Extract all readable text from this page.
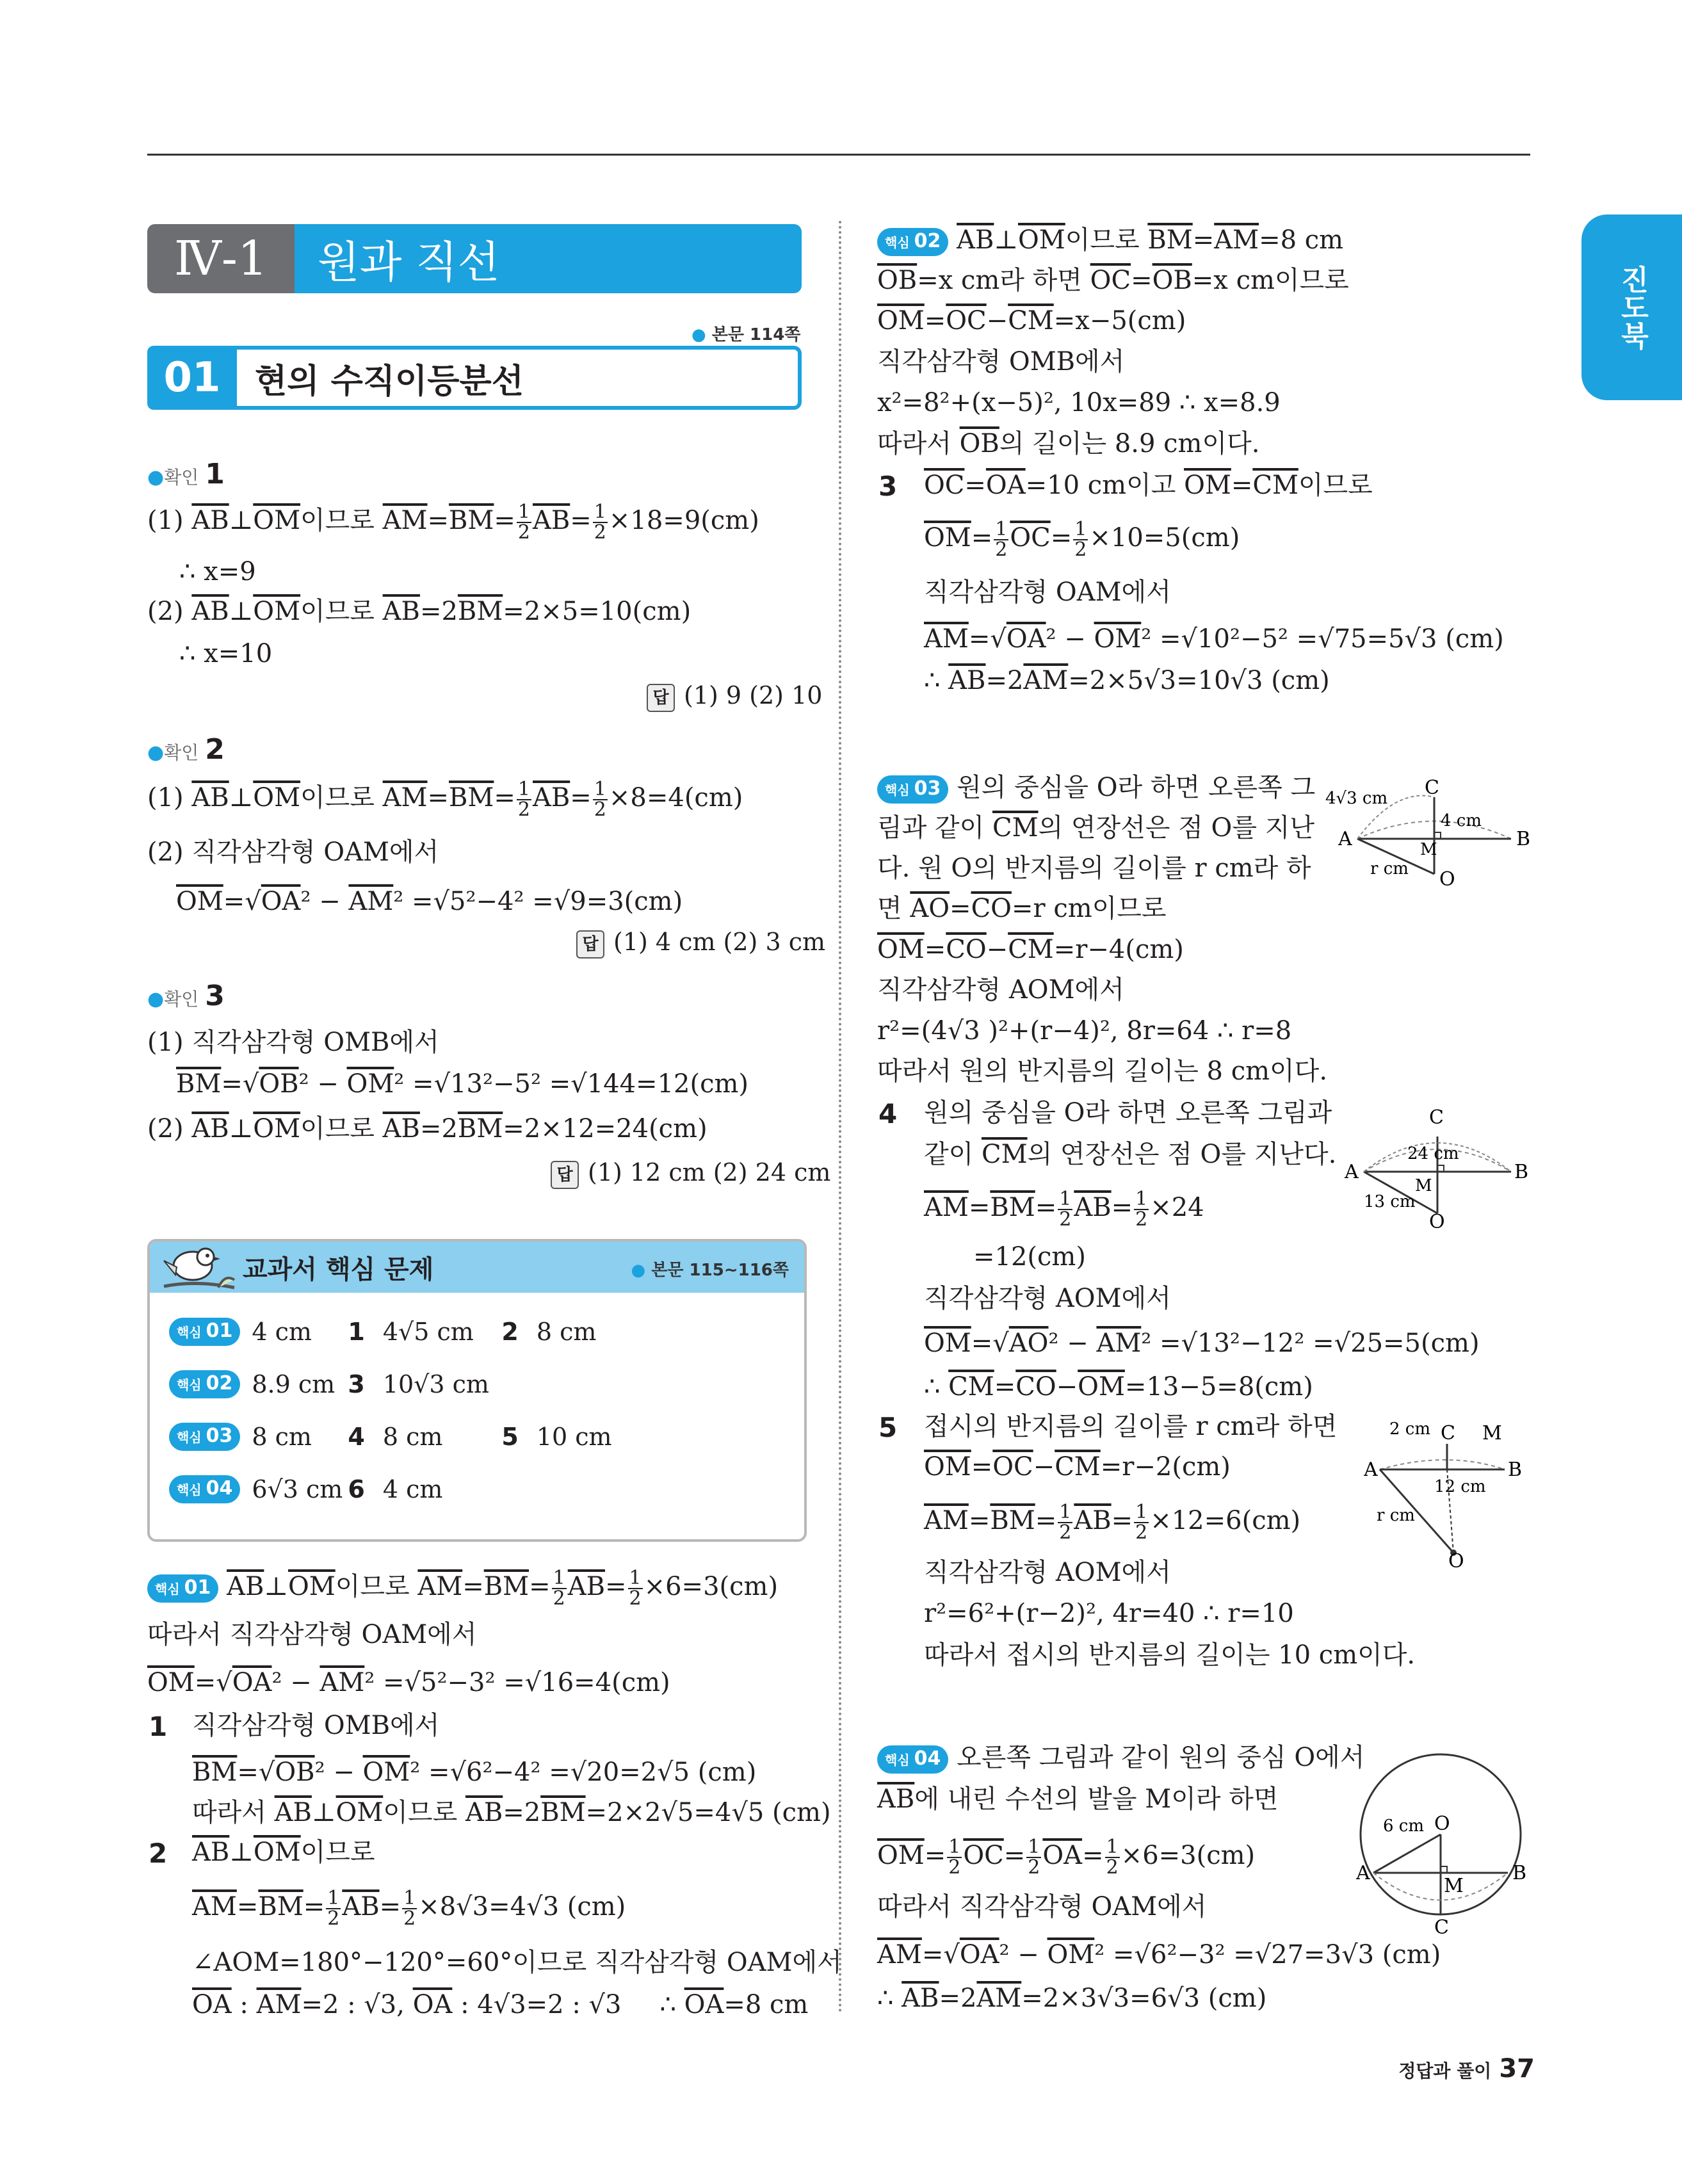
진도북
Ⅳ-1	원과 직선
● 본문 114쪽
01	현의 수직이등분선
●확인 1
(1) $\overline{AB}\perp\overline{OM}$이므로 $\overline{AM}=\overline{BM}= \frac{1}{2} \overline{AB}= \frac{1}{2} \times 18=9(cm)$
∴ x=9
(2) $\overline{AB}\perp\overline{OM}$이므로 $\overline{AB}=2\overline{BM}=2\times 5=10(cm)$
∴ x=10
답 (1) 9 (2) 10
●확인 2
(1) $\overline{AB}\perp\overline{OM}$이므로 $\overline{AM}=\overline{BM}= \frac{1}{2} \overline{AB}= \frac{1}{2} \times 8=4(cm)$
(2) 직각삼각형 OAM에서
$\overline{OM}=√OA^2 - \overline{AM}^2 =√5^2-4^2 =√9=3(cm)$
답 (1) 4 cm (2) 3 cm
●확인 3
(1) 직각삼각형 OMB에서
$\overline{BM}=√OB^2 - \overline{OM}^2 =√13^2-5^2 =√144=12(cm)$
(2) $\overline{AB}\perp\overline{OM}$이므로 $\overline{AB}=2\overline{BM}=2\times 12=24(cm)$
답 (1) 12 cm (2) 24 cm
교과서 핵심 문제	● 본문 115~116쪽
핵심 01 4 cm 1 4√5 cm 2 8 cm
핵심 02 8.9 cm 3 10√3 cm
핵심 03 8 cm 4 8 cm 5 10 cm
핵심 04 6√3 cm 6 4 cm
핵심 01 $\overline{AB}\perp\overline{OM}$이므로 $\overline{AM}=\overline{BM}= \frac{1}{2} \overline{AB}= \frac{1}{2} \times 6=3(cm)$
따라서 직각삼각형 OAM에서
$\overline{OM}=√OA^2 - \overline{AM}^2 =√5^2-3^2 =√16=4(cm)$
1 직각삼각형 OMB에서
$\overline{BM}=√OB^2 - \overline{OM}^2 =√6^2-4^2 =√20=2√5$ (cm)
따라서 $\overline{AB}\perp\overline{OM}$이므로 $\overline{AB}=2\overline{BM}=2\times 2√5=4√5$ (cm)
2 $\overline{AB}\perp\overline{OM}$이므로
$\overline{AM}=\overline{BM}= \frac{1}{2} \overline{AB}= \frac{1}{2} \times 8√3=4√3$ (cm)
∠AOM=180°−120°=60°이므로 직각삼각형 OAM에서
$\overline{OA}$ : $\overline{AM}=2$ : √3, $\overline{OA}$ : 4√3=2 : √3 ∴ $\overline{OA}=8$ cm
핵심 02 $\overline{AB}\perp\overline{OM}$이므로 $\overline{BM}=\overline{AM}=8$ cm
$\overline{OB}=x$ cm라 하면 $\overline{OC}=\overline{OB}=x$ cm이므로
$\overline{OM}=\overline{OC}-\overline{CM}=x-5(cm)$
직각삼각형 OMB에서
x²=8²+(x−5)², 10x=89 ∴ x=8.9
따라서 $\overline{OB}$의 길이는 8.9 cm이다.
3 $\overline{OC}=\overline{OA}=10$ cm이고 $\overline{OM}=\overline{CM}$이므로
$\overline{OM}= \frac{1}{2} \overline{OC}= \frac{1}{2} \times 10=5(cm)$
직각삼각형 OAM에서
$\overline{AM}=√OA^2 - \overline{OM}^2 =√10^2-5^2 =√75=5√3$ (cm)
∴ $\overline{AB}=2\overline{AM}=2\times 5√3=10√3$ (cm)
핵심 03 원의 중심을 O라 하면 오른쪽 그
림과 같이 $\overline{CM}$의 연장선은 점 O를 지난
다. 원 O의 반지름의 길이를 r cm라 하
면 $\overline{AO}=\overline{CO}=r$ cm이므로
$\overline{OM}=\overline{CO}-\overline{CM}=r-4(cm)$
직각삼각형 AOM에서
r²=(4√3 )²+(r−4)², 8r=64 ∴ r=8
따라서 원의 반지름의 길이는 8 cm이다.
4√3 cm
4 cm
r cm
A	B
C
M
O
4 원의 중심을 O라 하면 오른쪽 그림과
같이 $\overline{CM}$의 연장선은 점 O를 지난다.
$\overline{AM}=\overline{BM}= \frac{1}{2} \overline{AB}= \frac{1}{2} \times 24$
=12(cm)
직각삼각형 AOM에서
$\overline{OM}=√AO^2 - \overline{AM}^2 =√13^2-12^2 =√25=5(cm)$
∴ $\overline{CM}=\overline{CO}-\overline{OM}=13-5=8(cm)$
24 cm
13 cm
A	B
C
M
O
5 접시의 반지름의 길이를 r cm라 하면
$\overline{OM}=\overline{OC}-\overline{CM}=r-2(cm)$
$\overline{AM}=\overline{BM}= \frac{1}{2} \overline{AB}= \frac{1}{2} \times 12=6(cm)$
직각삼각형 AOM에서
r²=6²+(r−2)², 4r=40 ∴ r=10
따라서 접시의 반지름의 길이는 10 cm이다.
2 cm
12 cm
r cm
A	B
C M
O
핵심 04 오른쪽 그림과 같이 원의 중심 O에서
$\overline{AB}$에 내린 수선의 발을 M이라 하면
$\overline{OM}= \frac{1}{2} \overline{OC}= \frac{1}{2} \overline{OA}= \frac{1}{2} \times 6=3(cm)$
따라서 직각삼각형 OAM에서
$\overline{AM}=√OA^2 - \overline{OM}^2 =√6^2-3^2 =√27=3√3$ (cm)
∴ $\overline{AB}=2\overline{AM}=2\times 3√3=6√3$ (cm)
6 cm
A	B
C
M
O
정답과 풀이 37
